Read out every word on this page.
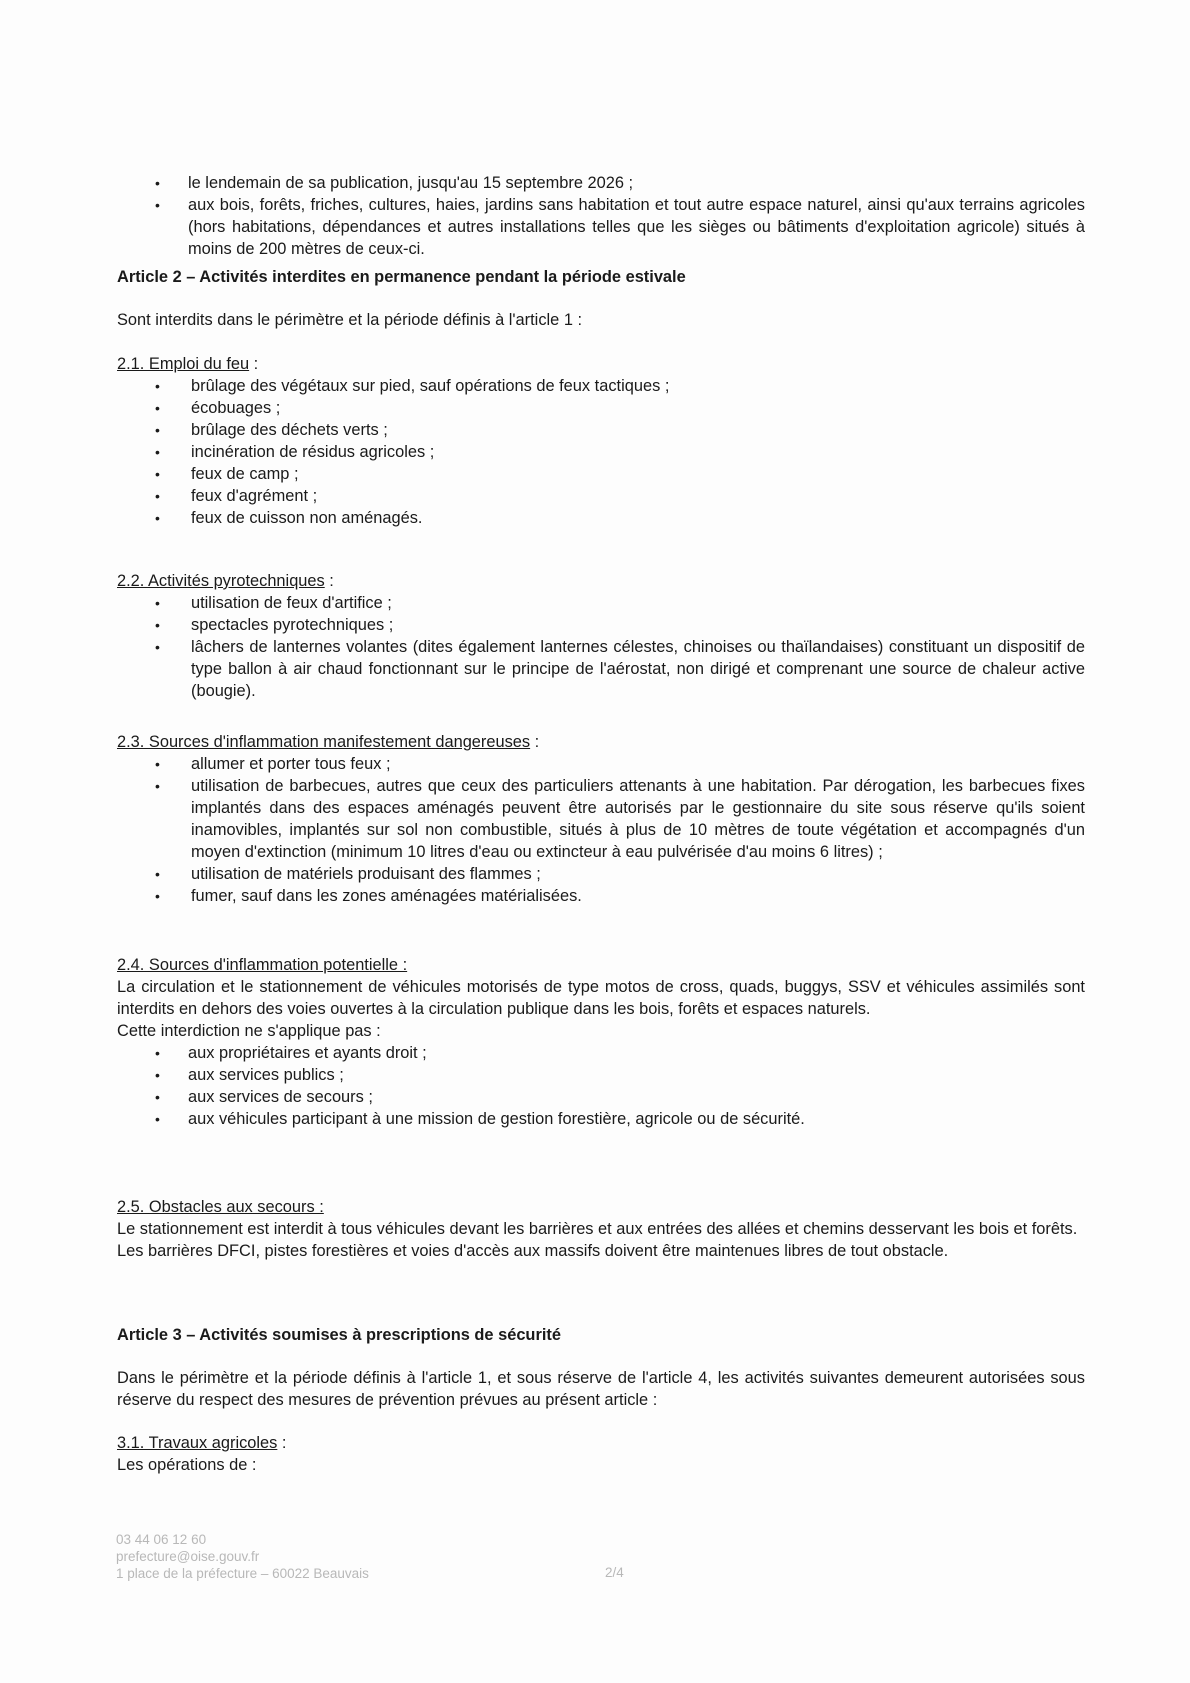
• le lendemain de sa publication, jusqu'au 15 septembre 2026 ;
• aux bois, forêts, friches, cultures, haies, jardins sans habitation et tout autre espace naturel, ainsi qu'aux terrains agricoles (hors habitations, dépendances et autres installations telles que les sièges ou bâtiments d'exploitation agricole) situés à moins de 200 mètres de ceux-ci.
Article 2 – Activités interdites en permanence pendant la période estivale
Sont interdits dans le périmètre et la période définis à l'article 1 :
2.1. Emploi du feu :
• brûlage des végétaux sur pied, sauf opérations de feux tactiques ;
• écobuages ;
• brûlage des déchets verts ;
• incinération de résidus agricoles ;
• feux de camp ;
• feux d'agrément ;
• feux de cuisson non aménagés.
2.2. Activités pyrotechniques :
• utilisation de feux d'artifice ;
• spectacles pyrotechniques ;
• lâchers de lanternes volantes (dites également lanternes célestes, chinoises ou thaïlandaises) constituant un dispositif de type ballon à air chaud fonctionnant sur le principe de l'aérostat, non dirigé et comprenant une source de chaleur active (bougie).
2.3. Sources d'inflammation manifestement dangereuses :
• allumer et porter tous feux ;
• utilisation de barbecues, autres que ceux des particuliers attenants à une habitation. Par dérogation, les barbecues fixes implantés dans des espaces aménagés peuvent être autorisés par le gestionnaire du site sous réserve qu'ils soient inamovibles, implantés sur sol non combustible, situés à plus de 10 mètres de toute végétation et accompagnés d'un moyen d'extinction (minimum 10 litres d'eau ou extincteur à eau pulvérisée d'au moins 6 litres) ;
• utilisation de matériels produisant des flammes ;
• fumer, sauf dans les zones aménagées matérialisées.
2.4. Sources d'inflammation potentielle :
La circulation et le stationnement de véhicules motorisés de type motos de cross, quads, buggys, SSV et véhicules assimilés sont interdits en dehors des voies ouvertes à la circulation publique dans les bois, forêts et espaces naturels.
Cette interdiction ne s'applique pas :
• aux propriétaires et ayants droit ;
• aux services publics ;
• aux services de secours ;
• aux véhicules participant à une mission de gestion forestière, agricole ou de sécurité.
2.5. Obstacles aux secours :
Le stationnement est interdit à tous véhicules devant les barrières et aux entrées des allées et chemins desservant les bois et forêts.
Les barrières DFCI, pistes forestières et voies d'accès aux massifs doivent être maintenues libres de tout obstacle.
Article 3 – Activités soumises à prescriptions de sécurité
Dans le périmètre et la période définis à l'article 1, et sous réserve de l'article 4, les activités suivantes demeurent autorisées sous réserve du respect des mesures de prévention prévues au présent article :
3.1. Travaux agricoles :
Les opérations de :
03 44 06 12 60
prefecture@oise.gouv.fr
1 place de la préfecture – 60022 Beauvais	2/4
